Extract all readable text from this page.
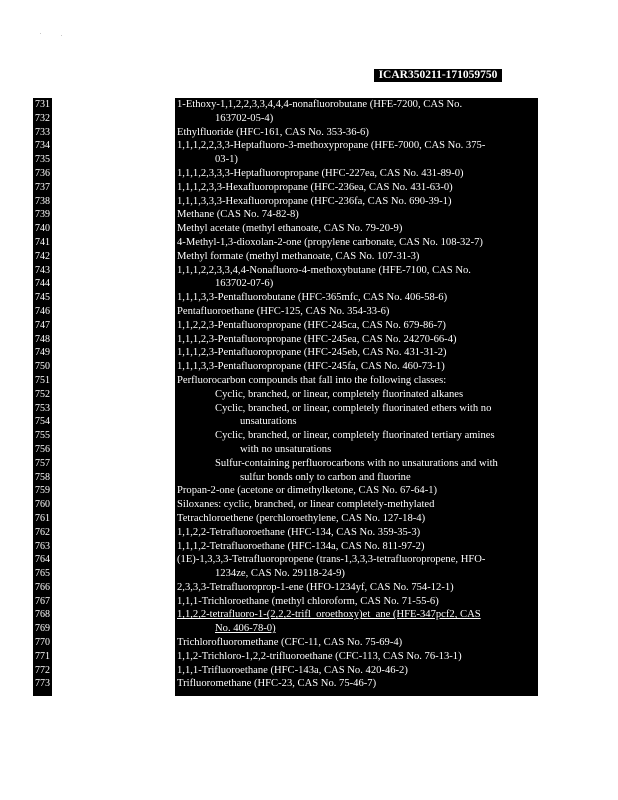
ICAR350211-171059750
731
732
733
734
735
736
737
738
739
740
741
742
743
744
745
746
747
748
749
750
751
752
753
754
755
756
757
758
759
760
761
762
763
764
765
766
767
768
769
770
771
772
773
1-Ethoxy-1,1,2,2,3,3,4,4,4-nonafluorobutane (HFE-7200, CAS No.
163702-05-4)
Ethylfluoride (HFC-161, CAS No. 353-36-6)
1,1,1,2,2,3,3-Heptafluoro-3-methoxypropane (HFE-7000, CAS No. 375-
03-1)
1,1,1,2,3,3,3-Heptafluoropropane (HFC-227ea, CAS No. 431-89-0)
1,1,1,2,3,3-Hexafluoropropane (HFC-236ea, CAS No. 431-63-0)
1,1,1,3,3,3-Hexafluoropropane (HFC-236fa, CAS No. 690-39-1)
Methane (CAS No. 74-82-8)
Methyl acetate (methyl ethanoate, CAS No. 79-20-9)
4-Methyl-1,3-dioxolan-2-one (propylene carbonate, CAS No. 108-32-7)
Methyl formate (methyl methanoate, CAS No. 107-31-3)
1,1,1,2,2,3,3,4,4-Nonafluoro-4-methoxybutane (HFE-7100, CAS No.
163702-07-6)
1,1,1,3,3-Pentafluorobutane (HFC-365mfc, CAS No. 406-58-6)
Pentafluoroethane (HFC-125, CAS No. 354-33-6)
1,1,2,2,3-Pentafluoropropane (HFC-245ca, CAS No. 679-86-7)
1,1,1,2,3-Pentafluoropropane (HFC-245ea, CAS No. 24270-66-4)
1,1,1,2,3-Pentafluoropropane (HFC-245eb, CAS No. 431-31-2)
1,1,1,3,3-Pentafluoropropane (HFC-245fa, CAS No. 460-73-1)
Perfluorocarbon compounds that fall into the following classes:
Cyclic, branched, or linear, completely fluorinated alkanes
Cyclic, branched, or linear, completely fluorinated ethers with no
unsaturations
Cyclic, branched, or linear, completely fluorinated tertiary amines
with no unsaturations
Sulfur-containing perfluorocarbons with no unsaturations and with
sulfur bonds only to carbon and fluorine
Propan-2-one (acetone or dimethylketone, CAS No. 67-64-1)
Siloxanes: cyclic, branched, or linear completely-methylated
Tetrachloroethene (perchloroethylene, CAS No. 127-18-4)
1,1,2,2-Tetrafluoroethane (HFC-134, CAS No. 359-35-3)
1,1,1,2-Tetrafluoroethane (HFC-134a, CAS No. 811-97-2)
(1E)-1,3,3,3-Tetrafluoropropene (trans-1,3,3,3-tetrafluoropropene, HFO-
1234ze, CAS No. 29118-24-9)
2,3,3,3-Tetrafluoroprop-1-ene (HFO-1234yf, CAS No. 754-12-1)
1,1,1-Trichloroethane (methyl chloroform, CAS No. 71-55-6)
1,1,2,2-tetrafluoro-1-(2,2,2-trifl_oroethoxy)et_ane (HFE-347pcf2, CAS
No. 406-78-0)
Trichlorofluoromethane (CFC-11, CAS No. 75-69-4)
1,1,2-Trichloro-1,2,2-trifluoroethane (CFC-113, CAS No. 76-13-1)
1,1,1-Trifluoroethane (HFC-143a, CAS No. 420-46-2)
Trifluoromethane (HFC-23, CAS No. 75-46-7)
